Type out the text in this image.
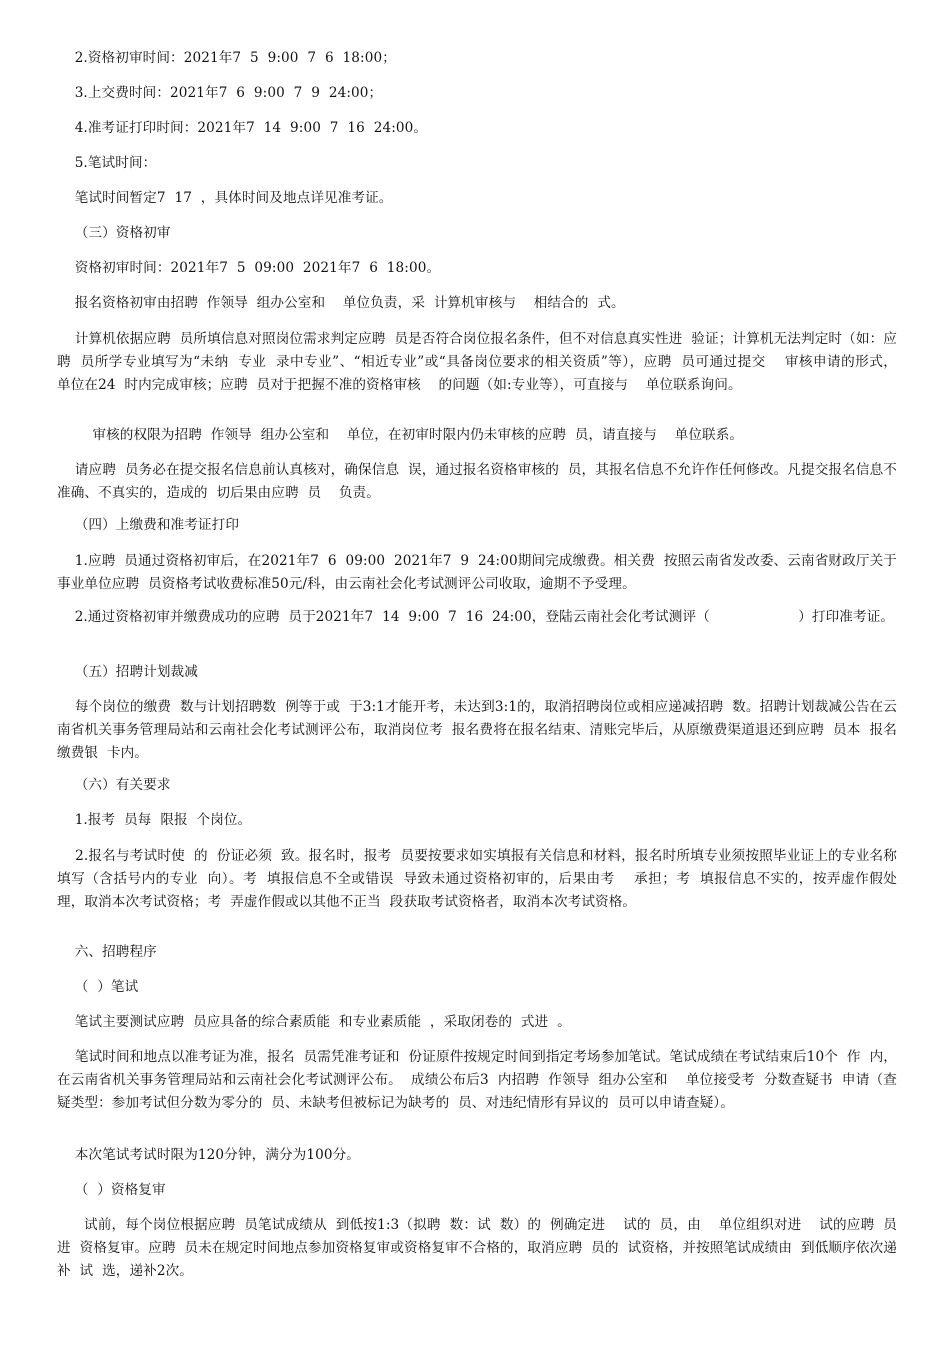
2.资格初审时间：2021年7  5  9:00  7  6  18:00；

3.上交费时间：2021年7  6  9:00  7  9  24:00；

4.准考证打印时间：2021年7  14  9:00  7  16  24:00。

5.笔试时间：

笔试时间暂定7  17  ，具体时间及地点详见准考证。

（三）资格初审

资格初审时间：2021年7  5  09:00  2021年7  6  18:00。

报名资格初审由招聘  作领导  组办公室和    单位负责，采  计算机审核与    相结合的  式。

计算机依据应聘  员所填信息对照岗位需求判定应聘  员是否符合岗位报名条件，但不对信息真实性进  验证；计算机无法判定时（如：应聘  员所学专业填写为“未纳  专业  录中专业”、“相近专业”或“具备岗位要求的相关资质”等），应聘  员可通过提交    审核申请的形式，    单位在24  时内完成审核；应聘  员对于把握不准的资格审核    的问题（如:专业等），可直接与    单位联系询问。

审核的权限为招聘  作领导  组办公室和    单位，在初审时限内仍未审核的应聘  员，请直接与    单位联系。

请应聘  员务必在提交报名信息前认真核对，确保信息  误，通过报名资格审核的  员，其报名信息不允许作任何修改。凡提交报名信息不准确、不真实的，造成的  切后果由应聘  员    负责。

（四）上缴费和准考证打印

1.应聘  员通过资格初审后，在2021年7  6  09:00  2021年7  9  24:00期间完成缴费。相关费  按照云南省发改委、云南省财政厅关于事业单位应聘  员资格考试收费标准50元/科，由云南社会化考试测评公司收取，逾期不予受理。

2.通过资格初审并缴费成功的应聘  员于2021年7  14  9:00  7  16  24:00，登陆云南社会化考试测评（                    ）打印准考证。

（五）招聘计划裁减

每个岗位的缴费  数与计划招聘数  例等于或  于3:1才能开考，未达到3:1的，取消招聘岗位或相应递减招聘  数。招聘计划裁减公告在云南省机关事务管理局站和云南社会化考试测评公布，取消岗位考  报名费将在报名结束、清账完毕后，从原缴费渠道退还到应聘  员本  报名缴费银  卡内。

（六）有关要求

1.报考  员每  限报  个岗位。

2.报名与考试时使  的  份证必须  致。报名时，报考  员要按要求如实填报有关信息和材料，报名时所填专业须按照毕业证上的专业名称填写（含括号内的专业  向）。考  填报信息不全或错误  导致未通过资格初审的，后果由考    承担；考  填报信息不实的，按弄虚作假处理，取消本次考试资格；考  弄虚作假或以其他不正当  段获取考试资格者，取消本次考试资格。

六、招聘程序

（  ）笔试

笔试主要测试应聘  员应具备的综合素质能  和专业素质能  ，采取闭卷的  式进  。

笔试时间和地点以准考证为准，报名  员需凭准考证和  份证原件按规定时间到指定考场参加笔试。笔试成绩在考试结束后10个  作  内，在云南省机关事务管理局站和云南社会化考试测评公布。  成绩公布后3  内招聘  作领导  组办公室和    单位接受考  分数查疑书  申请（查疑类型：参加考试但分数为零分的  员、未缺考但被标记为缺考的  员、对违纪情形有异议的  员可以申请查疑）。

本次笔试考试时限为120分钟，满分为100分。

（  ）资格复审

试前，每个岗位根据应聘  员笔试成绩从  到低按1:3（拟聘  数：试  数）的  例确定进    试的  员，由    单位组织对进    试的应聘  员进  资格复审。应聘  员未在规定时间地点参加资格复审或资格复审不合格的，取消应聘  员的  试资格，并按照笔试成绩由  到低顺序依次递补  试  选，递补2次。
